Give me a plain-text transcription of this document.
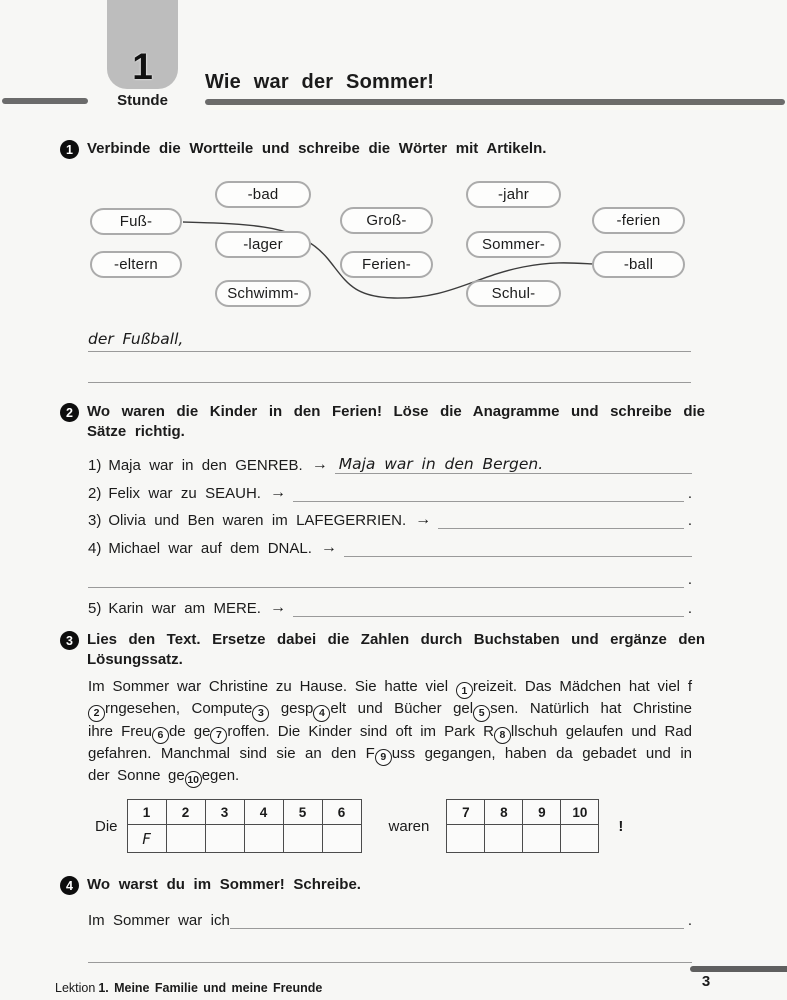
1
Stunde
Wie war der Sommer!
1 Verbinde die Wortteile und schreibe die Wörter mit Artikeln.
-bad	-jahr
Fuß-	Groß-	-ferien
-lager	Sommer-
-eltern	Ferien-	-ball
Schwimm-	Schul-
der Fußball,
2 Wo waren die Kinder in den Ferien! Löse die Anagramme und schreibe die Sätze richtig.
1) Maja war in den GENREB. → Maja war in den Bergen.
2) Felix war zu SEAUH. →	.
3) Olivia und Ben waren im LAFEGERRIEN. →	.
4) Michael war auf dem DNAL. →
.
5) Karin war am MERE. →	.
3 Lies den Text. Ersetze dabei die Zahlen durch Buchstaben und ergänze den Lösungssatz.
Im Sommer war Christine zu Hause. Sie hatte viel 1 reizeit. Das Mädchen hat viel f2 rngesehen, Compute 3 gesp 4 elt und Bücher gel 5 sen. Natürlich hat Christine ihre Freu 6 de ge 7 roffen. Die Kinder sind oft im Park R 8 llschuh gelaufen und Rad gefahren. Manchmal sind sie an den F 9 uss gegangen, haben da gebadet und in der Sonne ge 10 egen.
Die
1	2	3	4	5	6
F					
waren
7	8	9	10

!
4 Wo warst du im Sommer! Schreibe.
Im Sommer war ich	.
3
Lektion 1. Meine Familie und meine Freunde
